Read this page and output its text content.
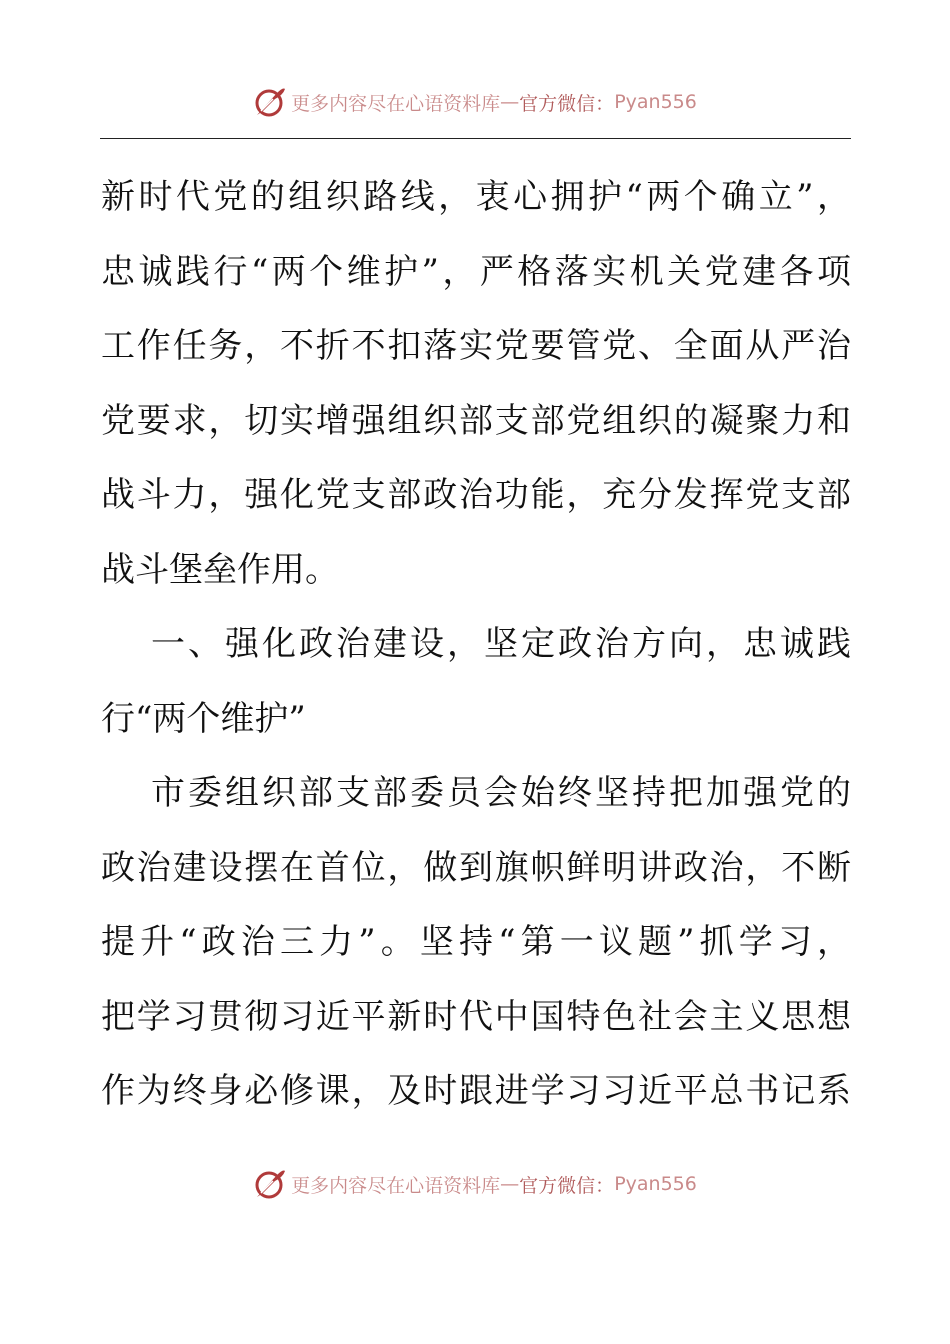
更多内容尽在心语资料库 — 官方微信： Pyan556
新时代党的组织路线，衷心拥护“两个确立”，
忠诚践行“两个维护”，严格落实机关党建各项
工作任务，不折不扣落实党要管党、全面从严治
党要求，切实增强组织部支部党组织的凝聚力和
战斗力，强化党支部政治功能，充分发挥党支部
战斗堡垒作用。
一、强化政治建设，坚定政治方向，忠诚践
行“两个维护”
市委组织部支部委员会始终坚持把加强党的
政治建设摆在首位，做到旗帜鲜明讲政治，不断
提升“政治三力”。坚持“第一议题”抓学习，
把学习贯彻习近平新时代中国特色社会主义思想
作为终身必修课，及时跟进学习习近平总书记系
更多内容尽在心语资料库 — 官方微信： Pyan556
